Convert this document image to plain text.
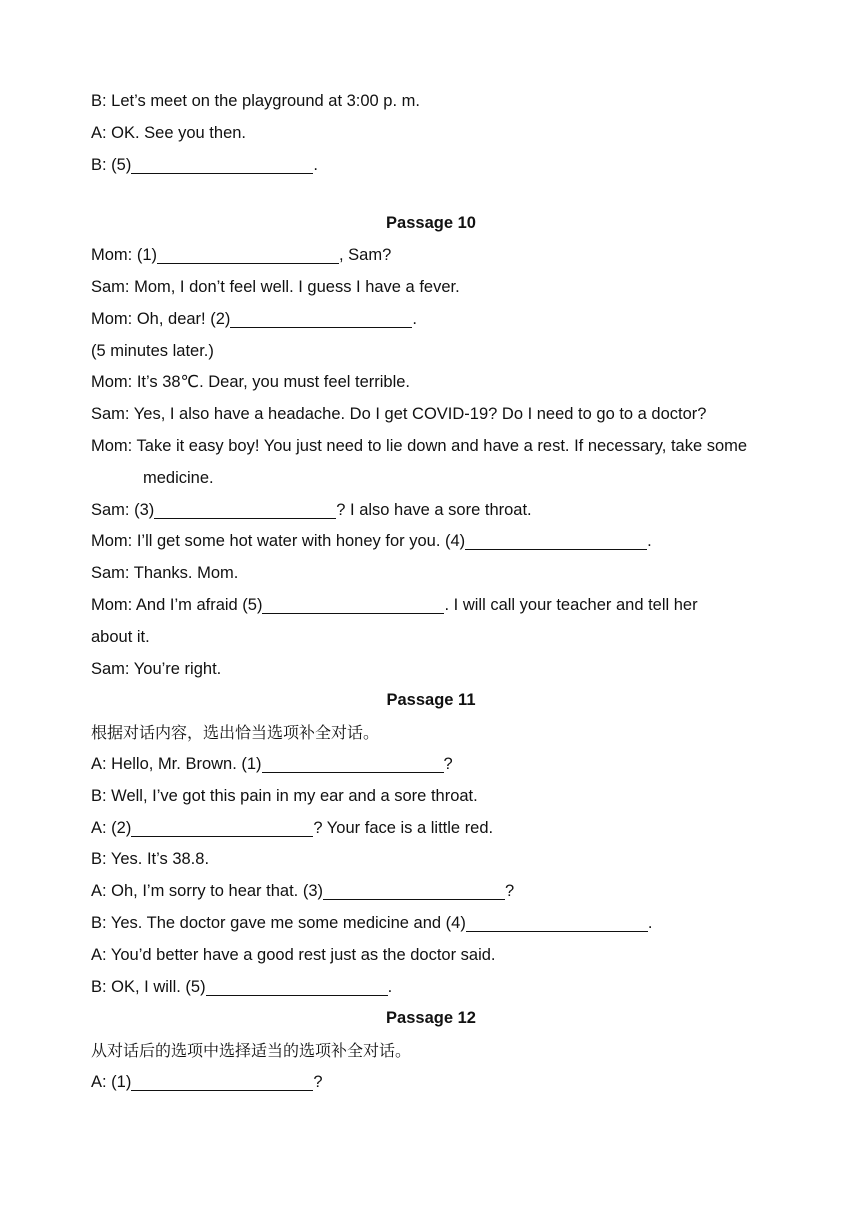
B: Let’s meet on the playground at 3:00 p. m.
A: OK. See you then.
B: (5)	.
Passage 10
Mom: (1)	, Sam?
Sam: Mom, I don’t feel well. I guess I have a fever.
Mom: Oh, dear! (2)	.
(5 minutes later.)
Mom: It’s 38℃. Dear, you must feel terrible.
Sam: Yes, I also have a headache. Do I get COVID-19? Do I need to go to a doctor?
Mom: Take it easy boy! You just need to lie down and have a rest. If necessary, take some medicine.
Sam: (3)	? I also have a sore throat.
Mom: I’ll get some hot water with honey for you. (4)	.
Sam: Thanks. Mom.
Mom: And I’m afraid (5)	. I will call your teacher and tell her
about it.
Sam: You’re right.
Passage 11
根据对话内容，选出恰当选项补全对话。
A: Hello, Mr. Brown. (1)	?
B: Well, I’ve got this pain in my ear and a sore throat.
A: (2)	? Your face is a little red.
B: Yes. It’s 38.8.
A: Oh, I’m sorry to hear that. (3)	?
B: Yes. The doctor gave me some medicine and (4)	.
A: You’d better have a good rest just as the doctor said.
B: OK, I will. (5)	.
Passage 12
从对话后的选项中选择适当的选项补全对话。
A: (1)	?
